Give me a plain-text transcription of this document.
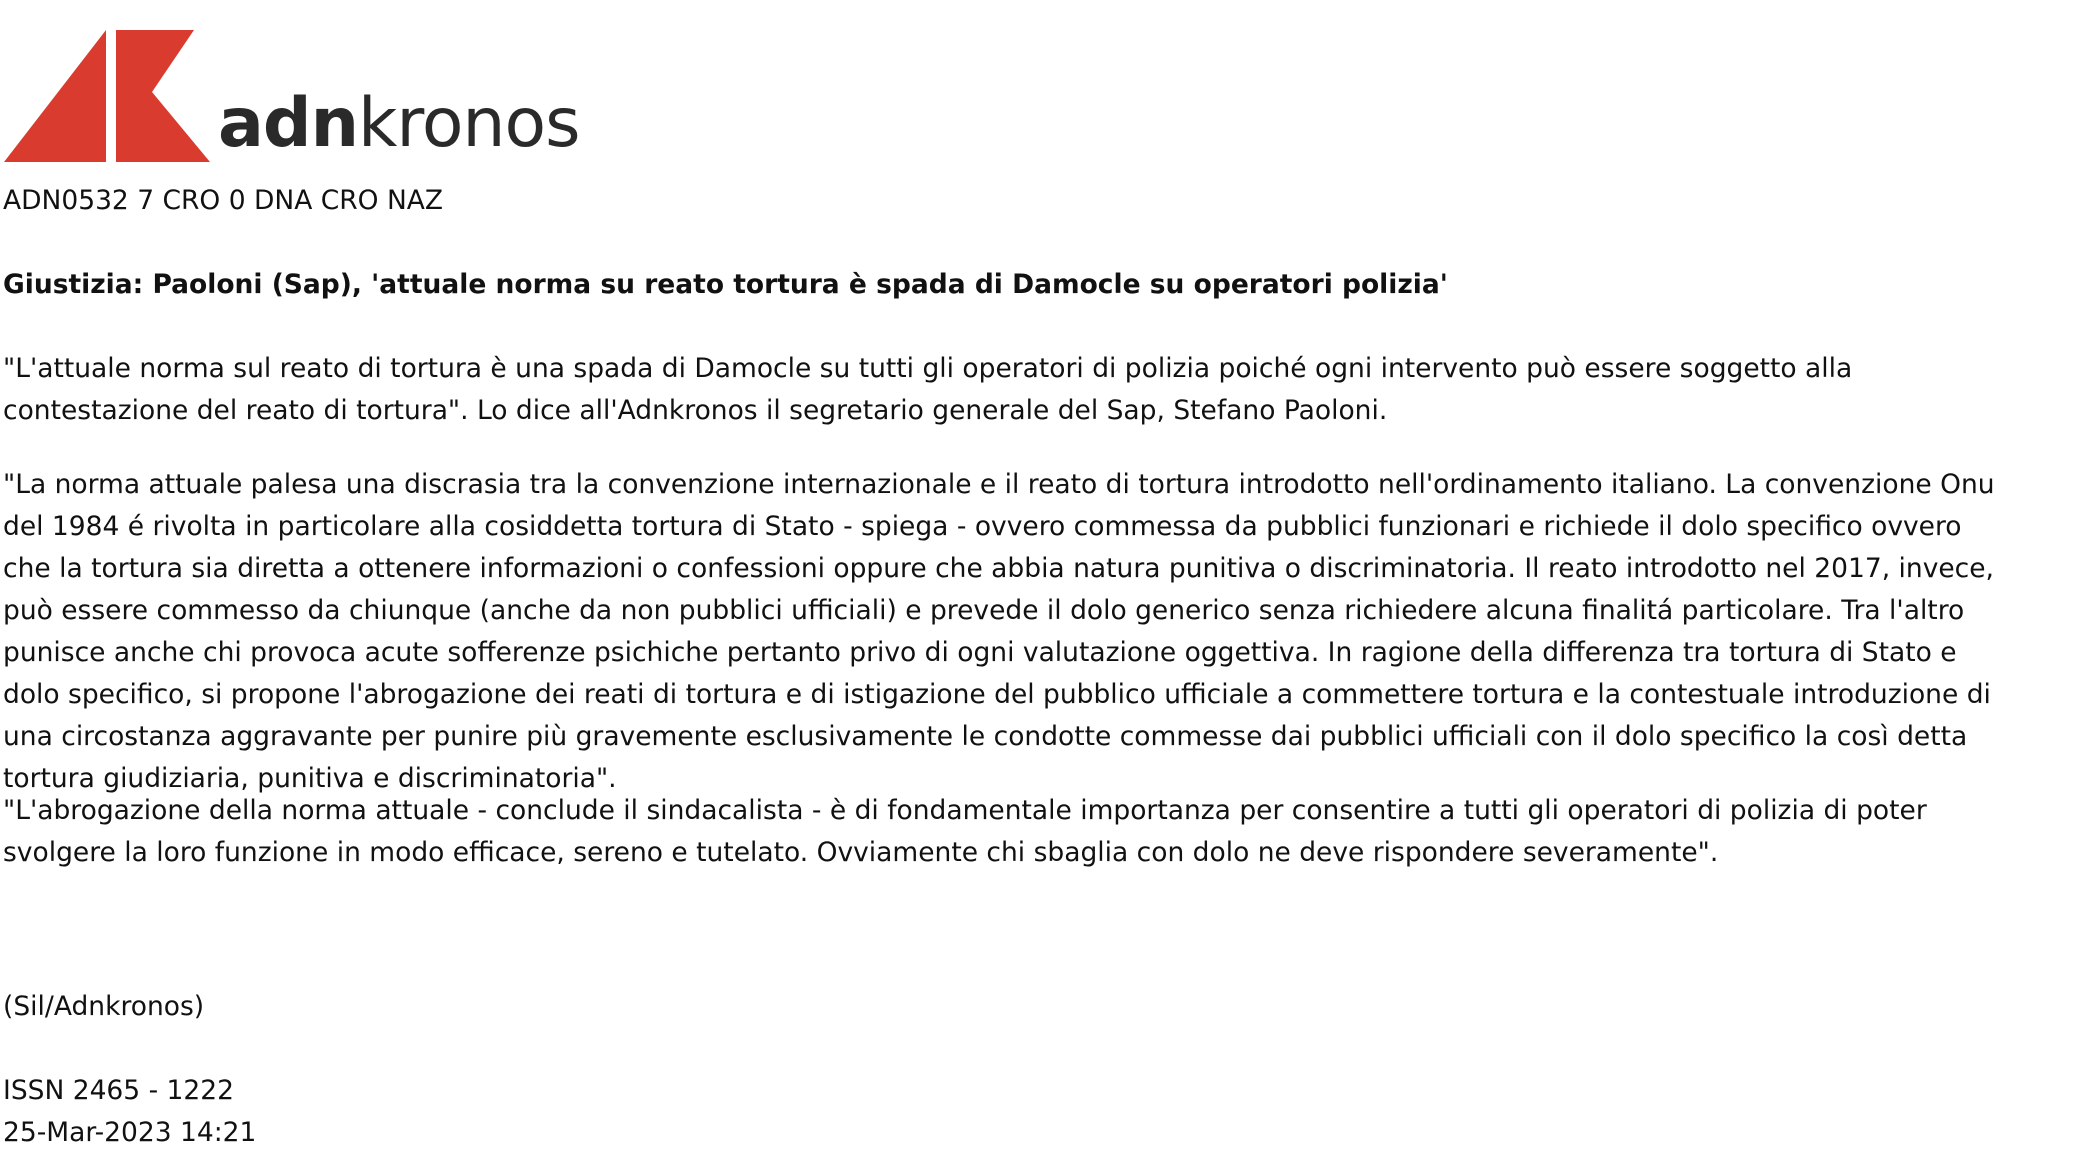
adnkronos

ADN0532 7 CRO 0 DNA CRO NAZ

Giustizia: Paoloni (Sap), 'attuale norma su reato tortura è spada di Damocle su operatori polizia'

"L'attuale norma sul reato di tortura è una spada di Damocle su tutti gli operatori di polizia poiché ogni intervento può essere soggetto alla contestazione del reato di tortura". Lo dice all'Adnkronos il segretario generale del Sap, Stefano Paoloni.

"La norma attuale palesa una discrasia tra la convenzione internazionale e il reato di tortura introdotto nell'ordinamento italiano. La convenzione Onu del 1984 é rivolta in particolare alla cosiddetta tortura di Stato - spiega - ovvero commessa da pubblici funzionari e richiede il dolo specifico ovvero che la tortura sia diretta a ottenere informazioni o confessioni oppure che abbia natura punitiva o discriminatoria. Il reato introdotto nel 2017, invece, può essere commesso da chiunque (anche da non pubblici ufficiali) e prevede il dolo generico senza richiedere alcuna finalitá particolare. Tra l'altro punisce anche chi provoca acute sofferenze psichiche pertanto privo di ogni valutazione oggettiva. In ragione della differenza tra tortura di Stato e dolo specifico, si propone l'abrogazione dei reati di tortura e di istigazione del pubblico ufficiale a commettere tortura e la contestuale introduzione di una circostanza aggravante per punire più gravemente esclusivamente le condotte commesse dai pubblici ufficiali con il dolo specifico la così detta tortura giudiziaria, punitiva e discriminatoria".

"L'abrogazione della norma attuale - conclude il sindacalista - è di fondamentale importanza per consentire a tutti gli operatori di polizia di poter svolgere la loro funzione in modo efficace, sereno e tutelato. Ovviamente chi sbaglia con dolo ne deve rispondere severamente".

(Sil/Adnkronos)

ISSN 2465 - 1222

25-Mar-2023 14:21
